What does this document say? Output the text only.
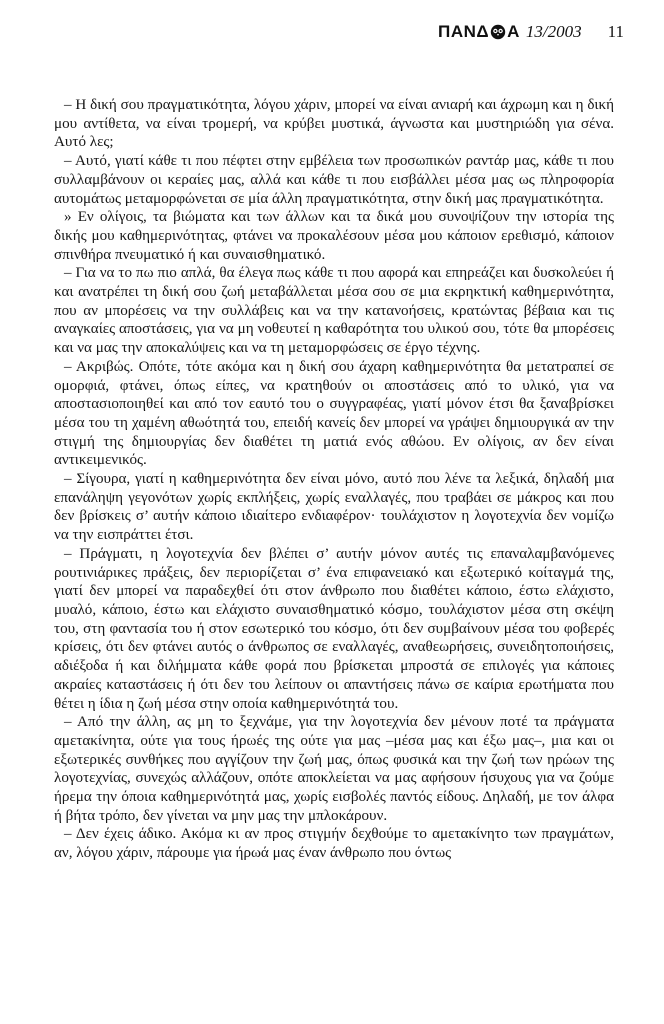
ΠΑΝΔ Α 13/2003 11

– Η δική σου πραγματικότητα, λόγου χάριν, μπορεί να είναι ανιαρή και άχρωμη και η δική μου αντίθετα, να είναι τρομερή, να κρύβει μυστικά, άγνωστα και μυστηριώδη για σένα. Αυτό λες;

– Αυτό, γιατί κάθε τι που πέφτει στην εμβέλεια των προσωπικών ραντάρ μας, κάθε τι που συλλαμβάνουν οι κεραίες μας, αλλά και κάθε τι που εισβάλλει μέσα μας ως πληροφορία αυτομάτως μεταμορφώνεται σε μία άλλη πραγματικότητα, στην δική μας πραγματικότητα.

» Εν ολίγοις, τα βιώματα και των άλλων και τα δικά μου συνοψίζουν την ιστορία της δικής μου καθημερινότητας, φτάνει να προκαλέσουν μέσα μου κάποιον ερεθισμό, κάποιον σπινθήρα πνευματικό ή και συναισθηματικό.

– Για να το πω πιο απλά, θα έλεγα πως κάθε τι που αφορά και επηρεάζει και δυσκολεύει ή και ανατρέπει τη δική σου ζωή μεταβάλλεται μέσα σου σε μια εκρηκτική καθημερινότητα, που αν μπορέσεις να την συλλάβεις και να την κατανοήσεις, κρατώντας βέβαια και τις αναγκαίες αποστάσεις, για να μη νοθευτεί η καθαρότητα του υλικού σου, τότε θα μπορέσεις και να μας την αποκαλύψεις και να τη μεταμορφώσεις σε έργο τέχνης.

– Ακριβώς. Οπότε, τότε ακόμα και η δική σου άχαρη καθημερινότητα θα μετατραπεί σε ομορφιά, φτάνει, όπως είπες, να κρατηθούν οι αποστάσεις από το υλικό, για να αποστασιοποιηθεί και από τον εαυτό του ο συγγραφέας, γιατί μόνον έτσι θα ξαναβρίσκει μέσα του τη χαμένη αθωότητά του, επειδή κανείς δεν μπορεί να γράψει δημιουργικά αν την στιγμή της δημιουργίας δεν διαθέτει τη ματιά ενός αθώου. Εν ολίγοις, αν δεν είναι αντικειμενικός.

– Σίγουρα, γιατί η καθημερινότητα δεν είναι μόνο, αυτό που λένε τα λεξικά, δηλαδή μια επανάληψη γεγονότων χωρίς εκπλήξεις, χωρίς εναλλαγές, που τραβάει σε μάκρος και που δεν βρίσκεις σ’ αυτήν κάποιο ιδιαίτερο ενδιαφέρον· τουλάχιστον η λογοτεχνία δεν νομίζω να την εισπράττει έτσι.

– Πράγματι, η λογοτεχνία δεν βλέπει σ’ αυτήν μόνον αυτές τις επαναλαμβανόμενες ρουτινιάρικες πράξεις, δεν περιορίζεται σ’ ένα επιφανειακό και εξωτερικό κοίταγμά της, γιατί δεν μπορεί να παραδεχθεί ότι στον άνθρωπο που διαθέτει κάποιο, έστω ελάχιστο, μυαλό, κάποιο, έστω και ελάχιστο συναισθηματικό κόσμο, τουλάχιστον μέσα στη σκέψη του, στη φαντασία του ή στον εσωτερικό του κόσμο, ότι δεν συμβαίνουν μέσα του φοβερές κρίσεις, ότι δεν φτάνει αυτός ο άνθρωπος σε εναλλαγές, αναθεωρήσεις, συνειδητοποιήσεις, αδιέξοδα ή και διλήμματα κάθε φορά που βρίσκεται μπροστά σε επιλογές για κάποιες ακραίες καταστάσεις ή ότι δεν του λείπουν οι απαντήσεις πάνω σε καίρια ερωτήματα που θέτει η ίδια η ζωή μέσα στην οποία καθημερινότητά του.

– Από την άλλη, ας μη το ξεχνάμε, για την λογοτεχνία δεν μένουν ποτέ τα πράγματα αμετακίνητα, ούτε για τους ήρωές της ούτε για μας –μέσα μας και έξω μας–, μια και οι εξωτερικές συνθήκες που αγγίζουν την ζωή μας, όπως φυσικά και την ζωή των ηρώων της λογοτεχνίας, συνεχώς αλλάζουν, οπότε αποκλείεται να μας αφήσουν ήσυχους για να ζούμε ήρεμα την όποια καθημερινότητά μας, χωρίς εισβολές παντός είδους. Δηλαδή, με τον άλφα ή βήτα τρόπο, δεν γίνεται να μην μας την μπλοκάρουν.

– Δεν έχεις άδικο. Ακόμα κι αν προς στιγμήν δεχθούμε το αμετακίνητο των πραγμάτων, αν, λόγου χάριν, πάρουμε για ήρωά μας έναν άνθρωπο που όντως
